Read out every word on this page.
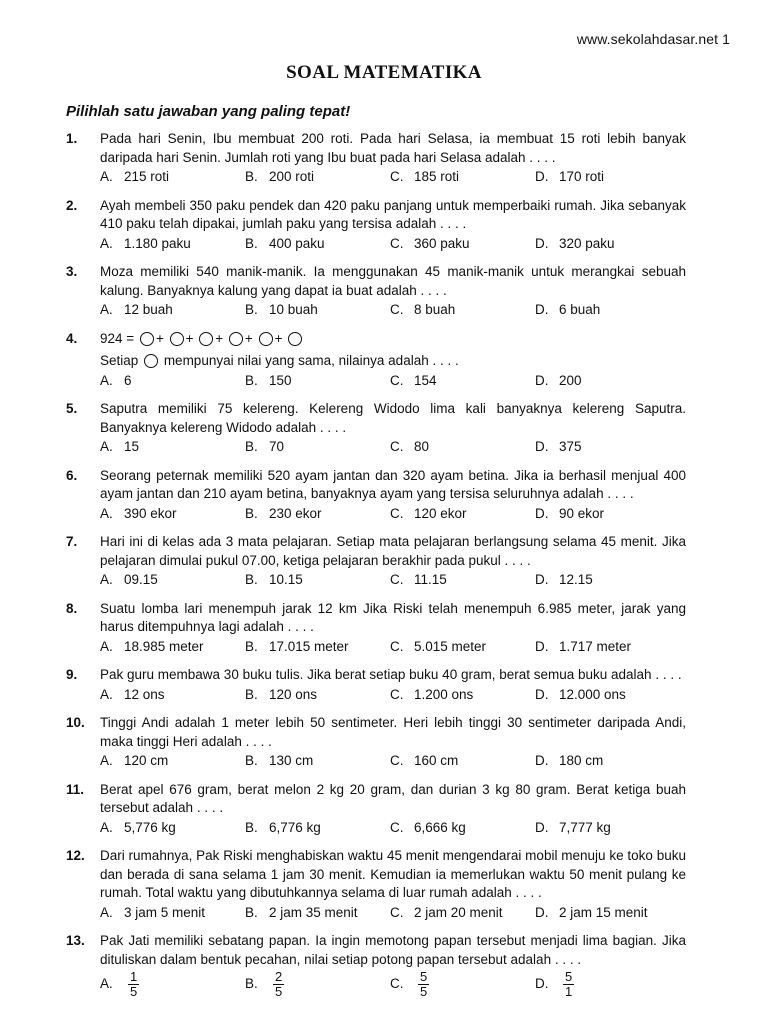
www.sekolahdasar.net 1
SOAL MATEMATIKA
Pilihlah satu jawaban yang paling tepat!
1. Pada hari Senin, Ibu membuat 200 roti. Pada hari Selasa, ia membuat 15 roti lebih banyak daripada hari Senin. Jumlah roti yang Ibu buat pada hari Selasa adalah . . . .
A. 215 roti	B. 200 roti	C. 185 roti	D. 170 roti
2. Ayah membeli 350 paku pendek dan 420 paku panjang untuk memperbaiki rumah. Jika sebanyak 410 paku telah dipakai, jumlah paku yang tersisa adalah . . . .
A. 1.180 paku	B. 400 paku	C. 360 paku	D. 320 paku
3. Moza memiliki 540 manik-manik. Ia menggunakan 45 manik-manik untuk merangkai sebuah kalung. Banyaknya kalung yang dapat ia buat adalah . . . .
A. 12 buah	B. 10 buah	C. 8 buah	D. 6 buah
4. 924 = + + + + +
Setiap mempunyai nilai yang sama, nilainya adalah . . . .
A. 6	B. 150	C. 154	D. 200
5. Saputra memiliki 75 kelereng. Kelereng Widodo lima kali banyaknya kelereng Saputra. Banyaknya kelereng Widodo adalah . . . .
A. 15	B. 70	C. 80	D. 375
6. Seorang peternak memiliki 520 ayam jantan dan 320 ayam betina. Jika ia berhasil menjual 400 ayam jantan dan 210 ayam betina, banyaknya ayam yang tersisa seluruhnya adalah . . . .
A. 390 ekor	B. 230 ekor	C. 120 ekor	D. 90 ekor
7. Hari ini di kelas ada 3 mata pelajaran. Setiap mata pelajaran berlangsung selama 45 menit. Jika pelajaran dimulai pukul 07.00, ketiga pelajaran berakhir pada pukul . . . .
A. 09.15	B. 10.15	C. 11.15	D. 12.15
8. Suatu lomba lari menempuh jarak 12 km Jika Riski telah menempuh 6.985 meter, jarak yang harus ditempuhnya lagi adalah . . . .
A. 18.985 meter	B. 17.015 meter	C. 5.015 meter	D. 1.717 meter
9. Pak guru membawa 30 buku tulis. Jika berat setiap buku 40 gram, berat semua buku adalah . . . .
A. 12 ons	B. 120 ons	C. 1.200 ons	D. 12.000 ons
10. Tinggi Andi adalah 1 meter lebih 50 sentimeter. Heri lebih tinggi 30 sentimeter daripada Andi, maka tinggi Heri adalah . . . .
A. 120 cm	B. 130 cm	C. 160 cm	D. 180 cm
11. Berat apel 676 gram, berat melon 2 kg 20 gram, dan durian 3 kg 80 gram. Berat ketiga buah tersebut adalah . . . .
A. 5,776 kg	B. 6,776 kg	C. 6,666 kg	D. 7,777 kg
12. Dari rumahnya, Pak Riski menghabiskan waktu 45 menit mengendarai mobil menuju ke toko buku dan berada di sana selama 1 jam 30 menit. Kemudian ia memerlukan waktu 50 menit pulang ke rumah. Total waktu yang dibutuhkannya selama di luar rumah adalah . . . .
A. 3 jam 5 menit	B. 2 jam 35 menit	C. 2 jam 20 menit	D. 2 jam 15 menit
13. Pak Jati memiliki sebatang papan. Ia ingin memotong papan tersebut menjadi lima bagian. Jika dituliskan dalam bentuk pecahan, nilai setiap potong papan tersebut adalah . . . .
A.	$\frac{1}{5}$	B.	$\frac{2}{5}$	C.	$\frac{5}{5}$	D.	$\frac{5}{1}$
